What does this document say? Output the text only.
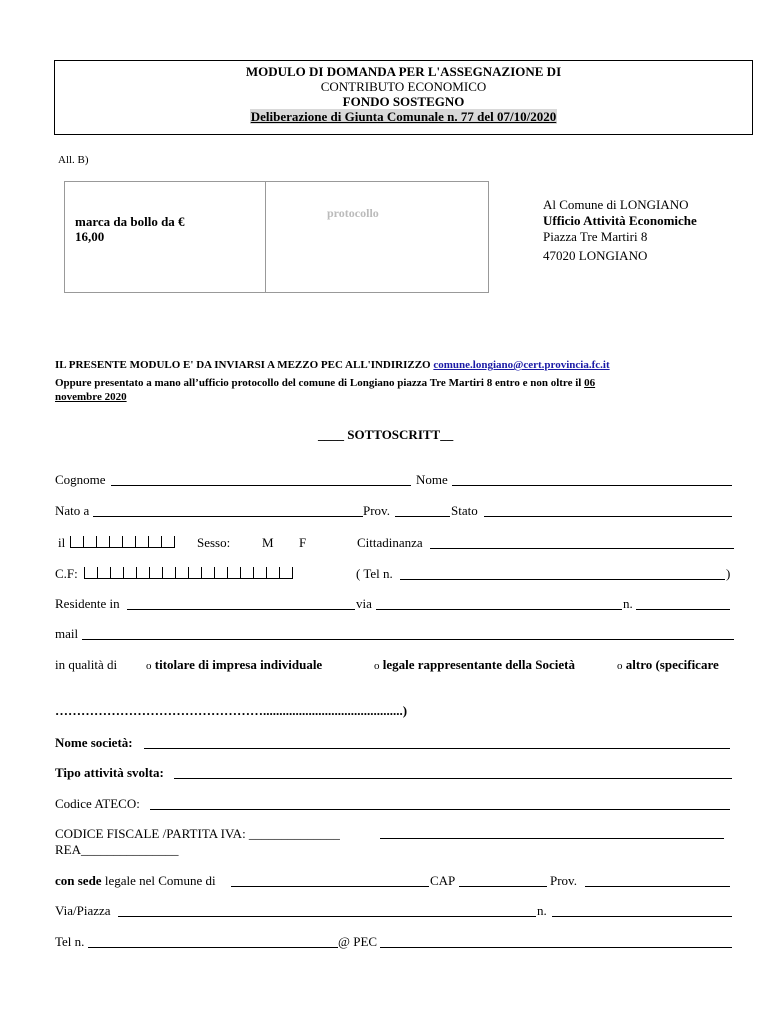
MODULO DI DOMANDA PER L'ASSEGNAZIONE DI
CONTRIBUTO ECONOMICO
FONDO SOSTEGNO
Deliberazione di Giunta Comunale n. 77 del 07/10/2020
All. B)
marca da bollo da €
16,00
protocollo
Al Comune di LONGIANO
Ufficio Attività Economiche
Piazza Tre Martiri 8
47020 LONGIANO
IL PRESENTE MODULO E' DA INVIARSI A MEZZO PEC ALL'INDIRIZZO comune.longiano@cert.provincia.fc.it
Oppure presentato a mano all’ufficio protocollo del comune di Longiano piazza Tre Martiri 8 entro e non oltre il 06
novembre 2020
____ SOTTOSCRITT__
Cognome	Nome
Nato a	Prov.	Stato
il	Sesso: M F	Cittadinanza
C.F:	( Tel n.	)
Residente in	via	n.
mail
in qualità di	o titolare di impresa individuale	o legale rappresentante della Società	o altro (specificare
…………………………………………...........................................)
Nome società:
Tipo attività svolta:
Codice ATECO:
CODICE FISCALE /PARTITA IVA: ______________
REA_______________
con sede legale nel Comune di	CAP	Prov.
Via/Piazza	n.
Tel n.	@ PEC
